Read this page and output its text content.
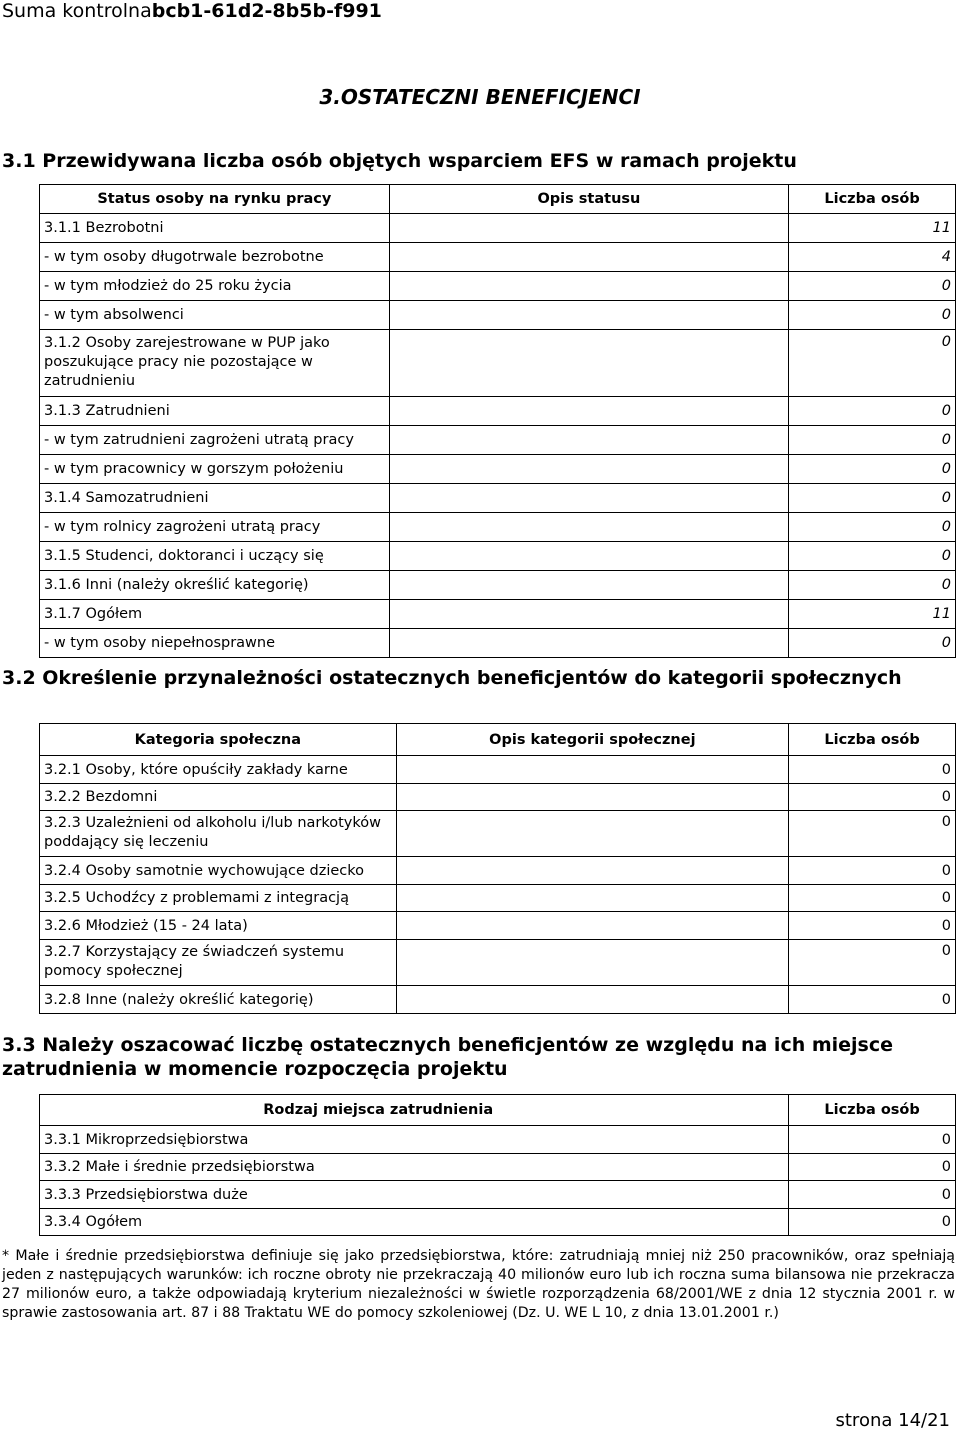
Suma kontrolnabcb1-61d2-8b5b-f991
3.OSTATECZNI BENEFICJENCI
3.1 Przewidywana liczba osób objętych wsparciem EFS w ramach projektu
Status osoby na rynku pracy	Opis statusu	Liczba osób
3.1.1 Bezrobotni		11
- w tym osoby długotrwale bezrobotne		4
- w tym młodzież do 25 roku życia		0
- w tym absolwenci		0
3.1.2 Osoby zarejestrowane w PUP jako poszukujące pracy nie pozostające w zatrudnieniu		0
3.1.3 Zatrudnieni		0
- w tym zatrudnieni zagrożeni utratą pracy		0
- w tym pracownicy w gorszym położeniu		0
3.1.4 Samozatrudnieni		0
- w tym rolnicy zagrożeni utratą pracy		0
3.1.5 Studenci, doktoranci i uczący się		0
3.1.6 Inni (należy określić kategorię)		0
3.1.7 Ogółem		11
- w tym osoby niepełnosprawne		0
3.2 Określenie przynależności ostatecznych beneficjentów do kategorii społecznych
Kategoria społeczna	Opis kategorii społecznej	Liczba osób
3.2.1 Osoby, które opuściły zakłady karne		0
3.2.2 Bezdomni		0
3.2.3 Uzależnieni od alkoholu i/lub narkotyków poddający się leczeniu		0
3.2.4 Osoby samotnie wychowujące dziecko		0
3.2.5 Uchodźcy z problemami z integracją		0
3.2.6 Młodzież (15 - 24 lata)		0
3.2.7 Korzystający ze świadczeń systemu pomocy społecznej		0
3.2.8 Inne (należy określić kategorię)		0
3.3 Należy oszacować liczbę ostatecznych beneficjentów ze względu na ich miejsce zatrudnienia w momencie rozpoczęcia projektu
	Rodzaj miejsca zatrudnienia	Liczba osób
3.3.1 Mikroprzedsiębiorstwa		0
3.3.2 Małe i średnie przedsiębiorstwa		0
3.3.3 Przedsiębiorstwa duże		0
3.3.4 Ogółem		0
* Małe i średnie przedsiębiorstwa definiuje się jako przedsiębiorstwa, które: zatrudniają mniej niż 250 pracowników, oraz spełniają jeden z następujących warunków: ich roczne obroty nie przekraczają 40 milionów euro lub ich roczna suma bilansowa nie przekracza 27 milionów euro, a także odpowiadają kryterium niezależności w świetle rozporządzenia 68/2001/WE z dnia 12 stycznia 2001 r. w sprawie zastosowania art. 87 i 88 Traktatu WE do pomocy szkoleniowej (Dz. U. WE L 10, z dnia 13.01.2001 r.)
strona 14/21
